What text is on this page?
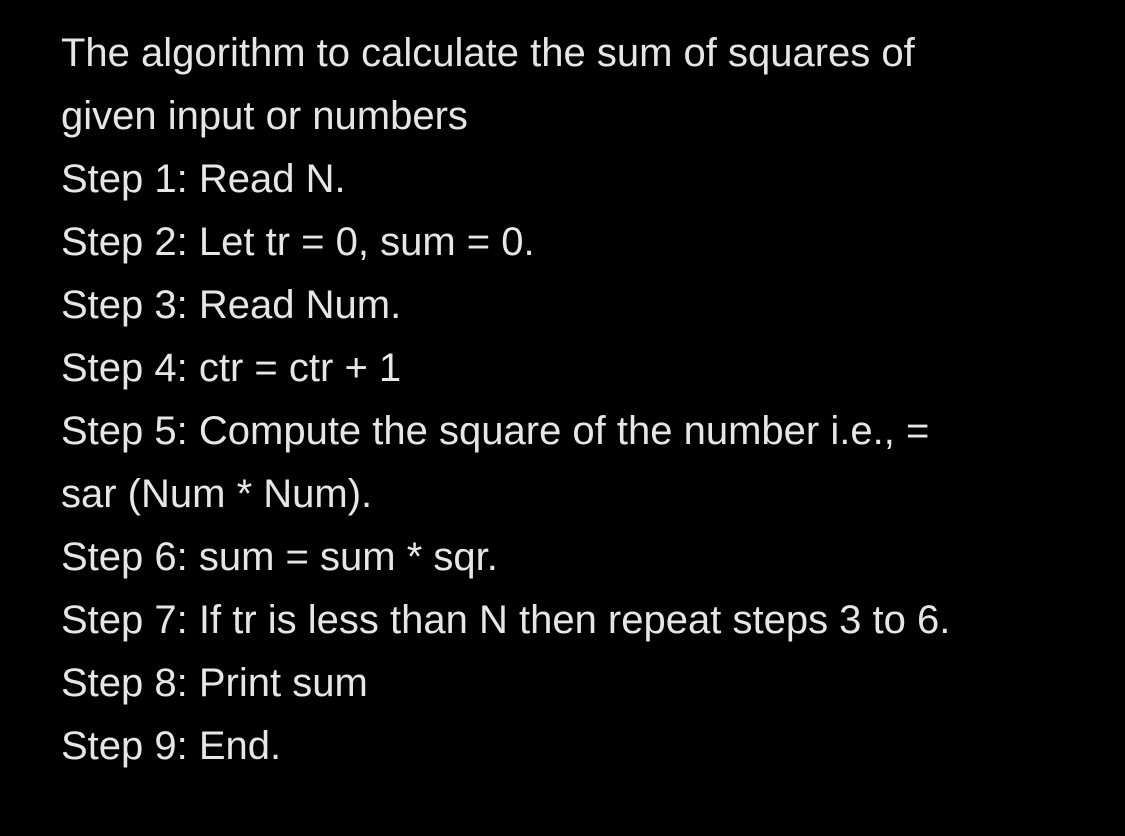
The algorithm to calculate the sum of squares of
given input or numbers
Step 1: Read N.
Step 2: Let tr = 0, sum = 0.
Step 3: Read Num.
Step 4: ctr = ctr + 1
Step 5: Compute the square of the number i.e., =
sar (Num * Num).
Step 6: sum = sum * sqr.
Step 7: If tr is less than N then repeat steps 3 to 6.
Step 8: Print sum
Step 9: End.
